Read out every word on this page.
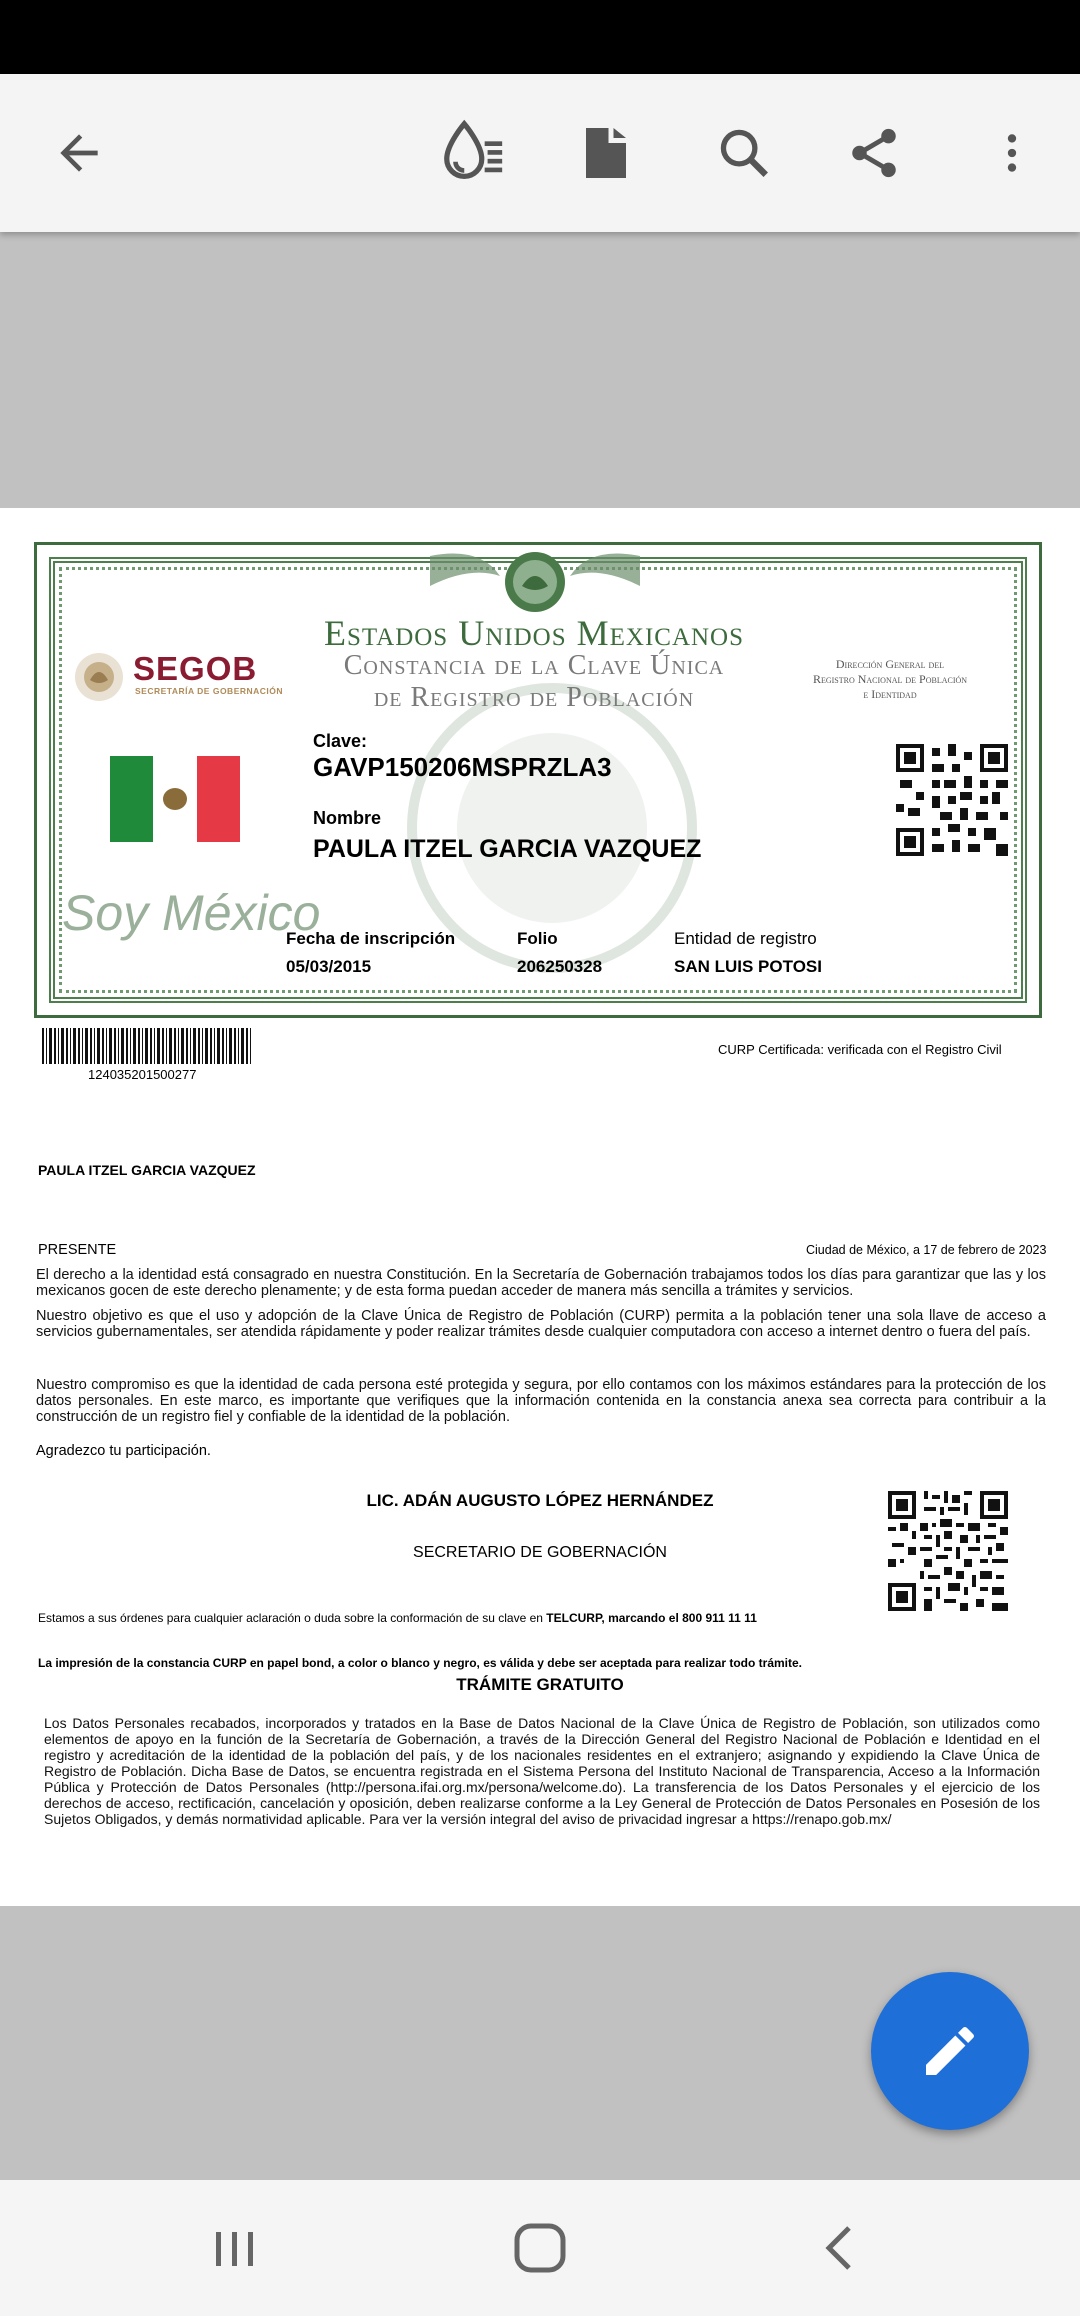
Estados Unidos Mexicanos
Constancia de la Clave Única
de Registro de Población
SEGOB
SECRETARÍA DE GOBERNACIÓN
Dirección General del
Registro Nacional de Población
e Identidad
Clave:
GAVP150206MSPRZLA3
Nombre
PAULA ITZEL GARCIA VAZQUEZ
Soy México
Fecha de inscripción
05/03/2015
Folio
206250328
Entidad de registro
SAN LUIS POTOSI
124035201500277
CURP Certificada: verificada con el Registro Civil
PAULA ITZEL GARCIA VAZQUEZ
PRESENTE	Ciudad de México, a 17 de febrero de 2023
El derecho a la identidad está consagrado en nuestra Constitución. En la Secretaría de Gobernación trabajamos todos los días para garantizar que las y los mexicanos gocen de este derecho plenamente; y de esta forma puedan acceder de manera más sencilla a trámites y servicios.
Nuestro objetivo es que el uso y adopción de la Clave Única de Registro de Población (CURP) permita a la población tener una sola llave de acceso a servicios gubernamentales, ser atendida rápidamente y poder realizar trámites desde cualquier computadora con acceso a internet dentro o fuera del país.
Nuestro compromiso es que la identidad de cada persona esté protegida y segura, por ello contamos con los máximos estándares para la protección de los datos personales. En este marco, es importante que verifiques que la información contenida en la constancia anexa sea correcta para contribuir a la construcción de un registro fiel y confiable de la identidad de la población.
Agradezco tu participación.
LIC. ADÁN AUGUSTO LÓPEZ HERNÁNDEZ
SECRETARIO DE GOBERNACIÓN
Estamos a sus órdenes para cualquier aclaración o duda sobre la conformación de su clave en TELCURP, marcando el 800 911 11 11
La impresión de la constancia CURP en papel bond, a color o blanco y negro, es válida y debe ser aceptada para realizar todo trámite.
TRÁMITE GRATUITO
Los Datos Personales recabados, incorporados y tratados en la Base de Datos Nacional de la Clave Única de Registro de Población, son utilizados como elementos de apoyo en la función de la Secretaría de Gobernación, a través de la Dirección General del Registro Nacional de Población e Identidad en el registro y acreditación de la identidad de la población del país, y de los nacionales residentes en el extranjero; asignando y expidiendo la Clave Única de Registro de Población. Dicha Base de Datos, se encuentra registrada en el Sistema Persona del Instituto Nacional de Transparencia, Acceso a la Información Pública y Protección de Datos Personales (http://persona.ifai.org.mx/persona/welcome.do). La transferencia de los Datos Personales y el ejercicio de los derechos de acceso, rectificación, cancelación y oposición, deben realizarse conforme a la Ley General de Protección de Datos Personales en Posesión de los Sujetos Obligados, y demás normatividad aplicable. Para ver la versión integral del aviso de privacidad ingresar a https://renapo.gob.mx/
